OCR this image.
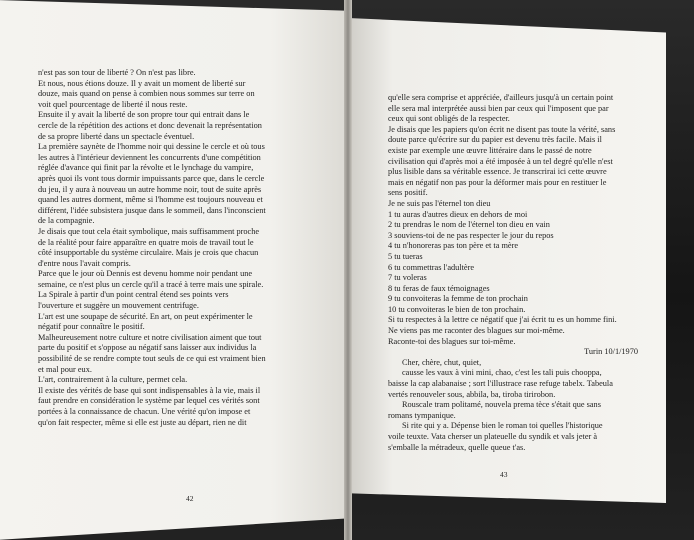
n'est pas son tour de liberté ? On n'est pas libre.

Et nous, nous étions douze. Il y avait un moment de liberté sur

douze, mais quand on pense à combien nous sommes sur terre on

voit quel pourcentage de liberté il nous reste.

Ensuite il y avait la liberté de son propre tour qui entrait dans le

cercle de la répétition des actions et donc devenait la représentation

de sa propre liberté dans un spectacle éventuel.

La première saynète de l'homme noir qui dessine le cercle et où tous

les autres à l'intérieur deviennent les concurrents d'une compétition

réglée d'avance qui finit par la révolte et le lynchage du vampire,

après quoi ils vont tous dormir impuissants parce que, dans le cercle

du jeu, il y aura à nouveau un autre homme noir, tout de suite après

quand les autres dorment, même si l'homme est toujours nouveau et

différent, l'idée subsistera jusque dans le sommeil, dans l'inconscient

de la compagnie.

Je disais que tout cela était symbolique, mais suffisamment proche

de la réalité pour faire apparaître en quatre mois de travail tout le

côté insupportable du système circulaire. Mais je crois que chacun

d'entre nous l'avait compris.

Parce que le jour où Dennis est devenu homme noir pendant une

semaine, ce n'est plus un cercle qu'il a tracé à terre mais une spirale.

La Spirale à partir d'un point central étend ses points vers

l'ouverture et suggère un mouvement centrifuge.

L'art est une soupape de sécurité. En art, on peut expérimenter le

négatif pour connaître le positif.

Malheureusement notre culture et notre civilisation aiment que tout

parte du positif et s'oppose au négatif sans laisser aux individus la

possibilité de se rendre compte tout seuls de ce qui est vraiment bien

et mal pour eux.

L'art, contrairement à la culture, permet cela.

Il existe des vérités de base qui sont indispensables à la vie, mais il

faut prendre en considération le système par lequel ces vérités sont

portées à la connaissance de chacun. Une vérité qu'on impose et

qu'on fait respecter, même si elle est juste au départ, rien ne dit

42

qu'elle sera comprise et appréciée, d'ailleurs jusqu'à un certain point

elle sera mal interprétée aussi bien par ceux qui l'imposent que par

ceux qui sont obligés de la respecter.

Je disais que les papiers qu'on écrit ne disent pas toute la vérité, sans

doute parce qu'écrire sur du papier est devenu très facile. Mais il

existe par exemple une œuvre littéraire dans le passé de notre

civilisation qui d'après moi a été imposée à un tel degré qu'elle n'est

plus lisible dans sa véritable essence. Je transcrirai ici cette œuvre

mais en négatif non pas pour la déformer mais pour en restituer le

sens positif.

Je ne suis pas l'éternel ton dieu

1 tu auras d'autres dieux en dehors de moi

2 tu prendras le nom de l'éternel ton dieu en vain

3 souviens-toi de ne pas respecter le jour du repos

4 tu n'honoreras pas ton père et ta mère

5 tu tueras

6 tu commettras l'adultère

7 tu voleras

8 tu feras de faux témoignages

9 tu convoiteras la femme de ton prochain

10 tu convoiteras le bien de ton prochain.

Si tu respectes à la lettre ce négatif que j'ai écrit tu es un homme fini.

Ne viens pas me raconter des blagues sur moi-même.

Raconte-toi des blagues sur toi-même.

Turin 10/1/1970

Cher, chère, chut, quiet,

causse les vaux à vini mini, chao, c'est les tali puis chooppa,

baisse la cap alabanaise ; sort l'illustrace rase refuge tabelx. Tabeula

vertés renouveler sous, abbila, ba, tiroba tirirobon.

Rouscale tram politamé, nouvela prema tèce s'était que sans

romans tympanique.

Si rite qui y a. Dépense bien le roman toi quelles l'historique

voile teuxte. Vata cherser un plateuelle du syndik et vals jeter à

s'emballe la métradeux, quelle queue t'as.

43
